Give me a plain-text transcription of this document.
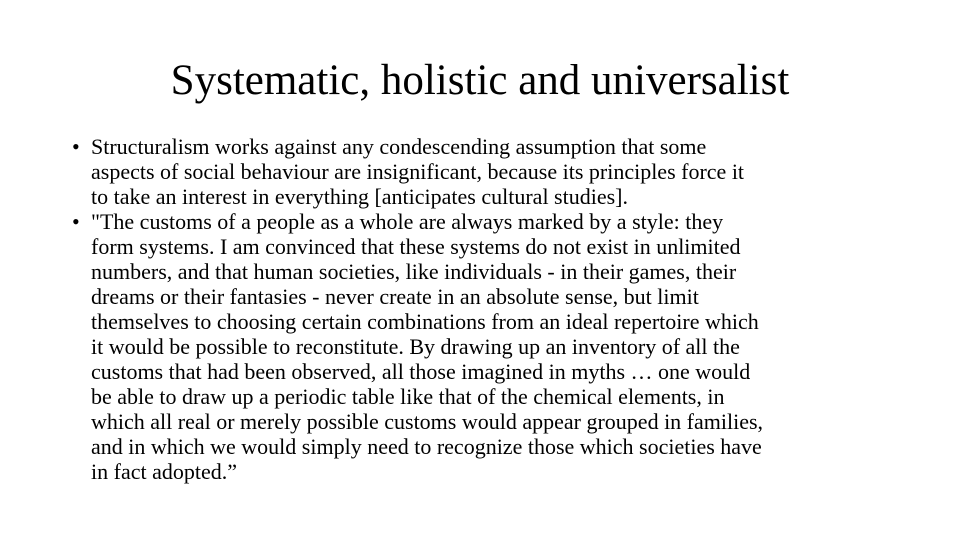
Systematic, holistic and universalist
• Structuralism works against any condescending assumption that some
aspects of social behaviour are insignificant, because its principles force it
to take an interest in everything [anticipates cultural studies].
• "The customs of a people as a whole are always marked by a style: they
form systems. I am convinced that these systems do not exist in unlimited
numbers, and that human societies, like individuals - in their games, their
dreams or their fantasies - never create in an absolute sense, but limit
themselves to choosing certain combinations from an ideal repertoire which
it would be possible to reconstitute. By drawing up an inventory of all the
customs that had been observed, all those imagined in myths … one would
be able to draw up a periodic table like that of the chemical elements, in
which all real or merely possible customs would appear grouped in families,
and in which we would simply need to recognize those which societies have
in fact adopted.”
